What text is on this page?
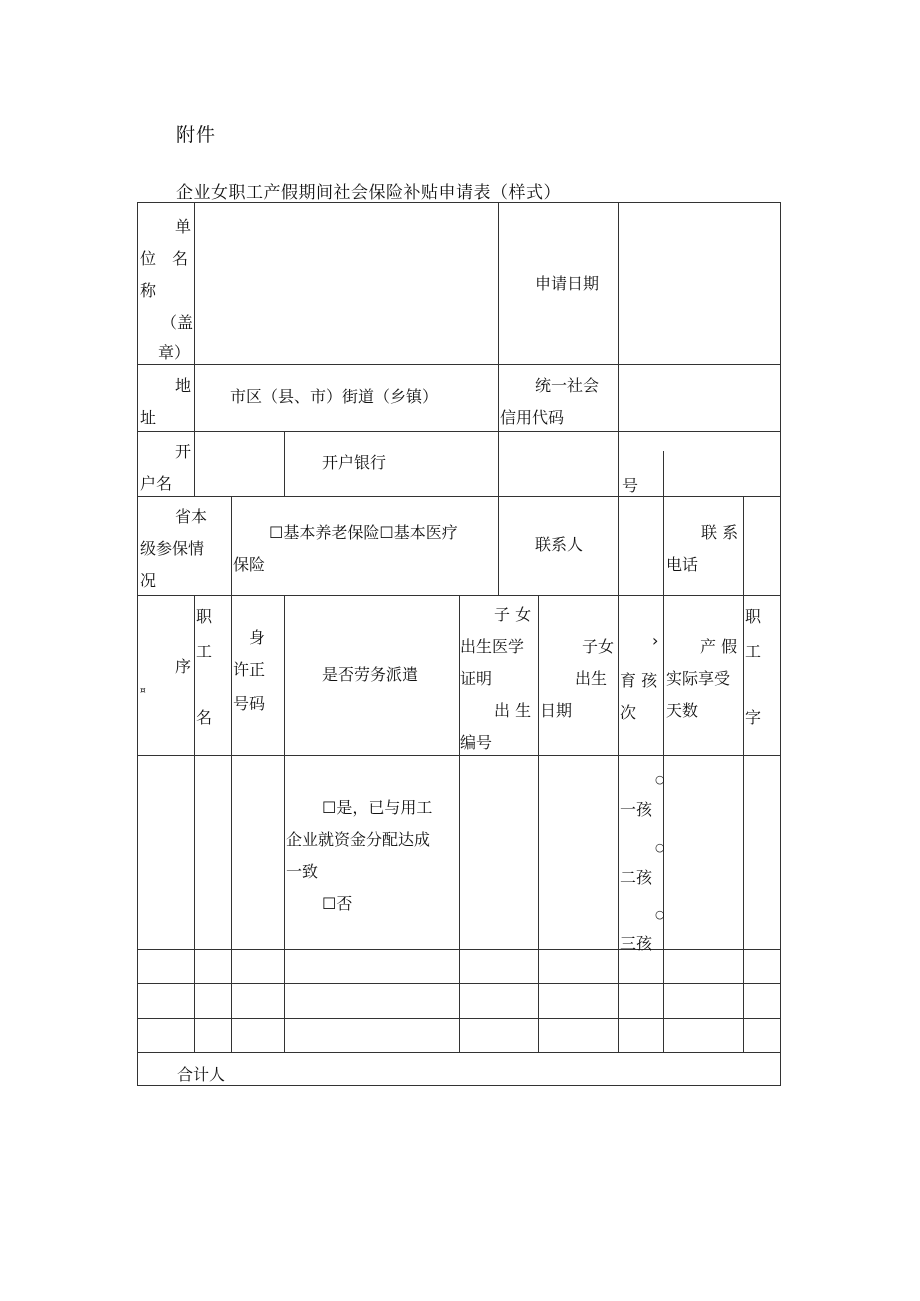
附件
企业女职工产假期间社会保险补贴申请表（样式）
单
位　名
称
（盖
章）
申请日期
地
址
市区（县、市）街道（乡镇）
统一社会
信用代码
开
户名
开户银行
号
省本
级参保情
况
☐基本养老保险☐基本医疗
保险
联系人
联 系
电话
¤
序
职
工
名
身
许正
号码
是否劳务派遣
子 女
出生医学
证明
出 生
编号
子女
出生
日期
›
育 孩
次
产 假
实际享受
天数
职
工
字
☐是，已与用工
企业就资金分配达成
一致
☐否
○
一孩
○
二孩
○
三孩
合计人
